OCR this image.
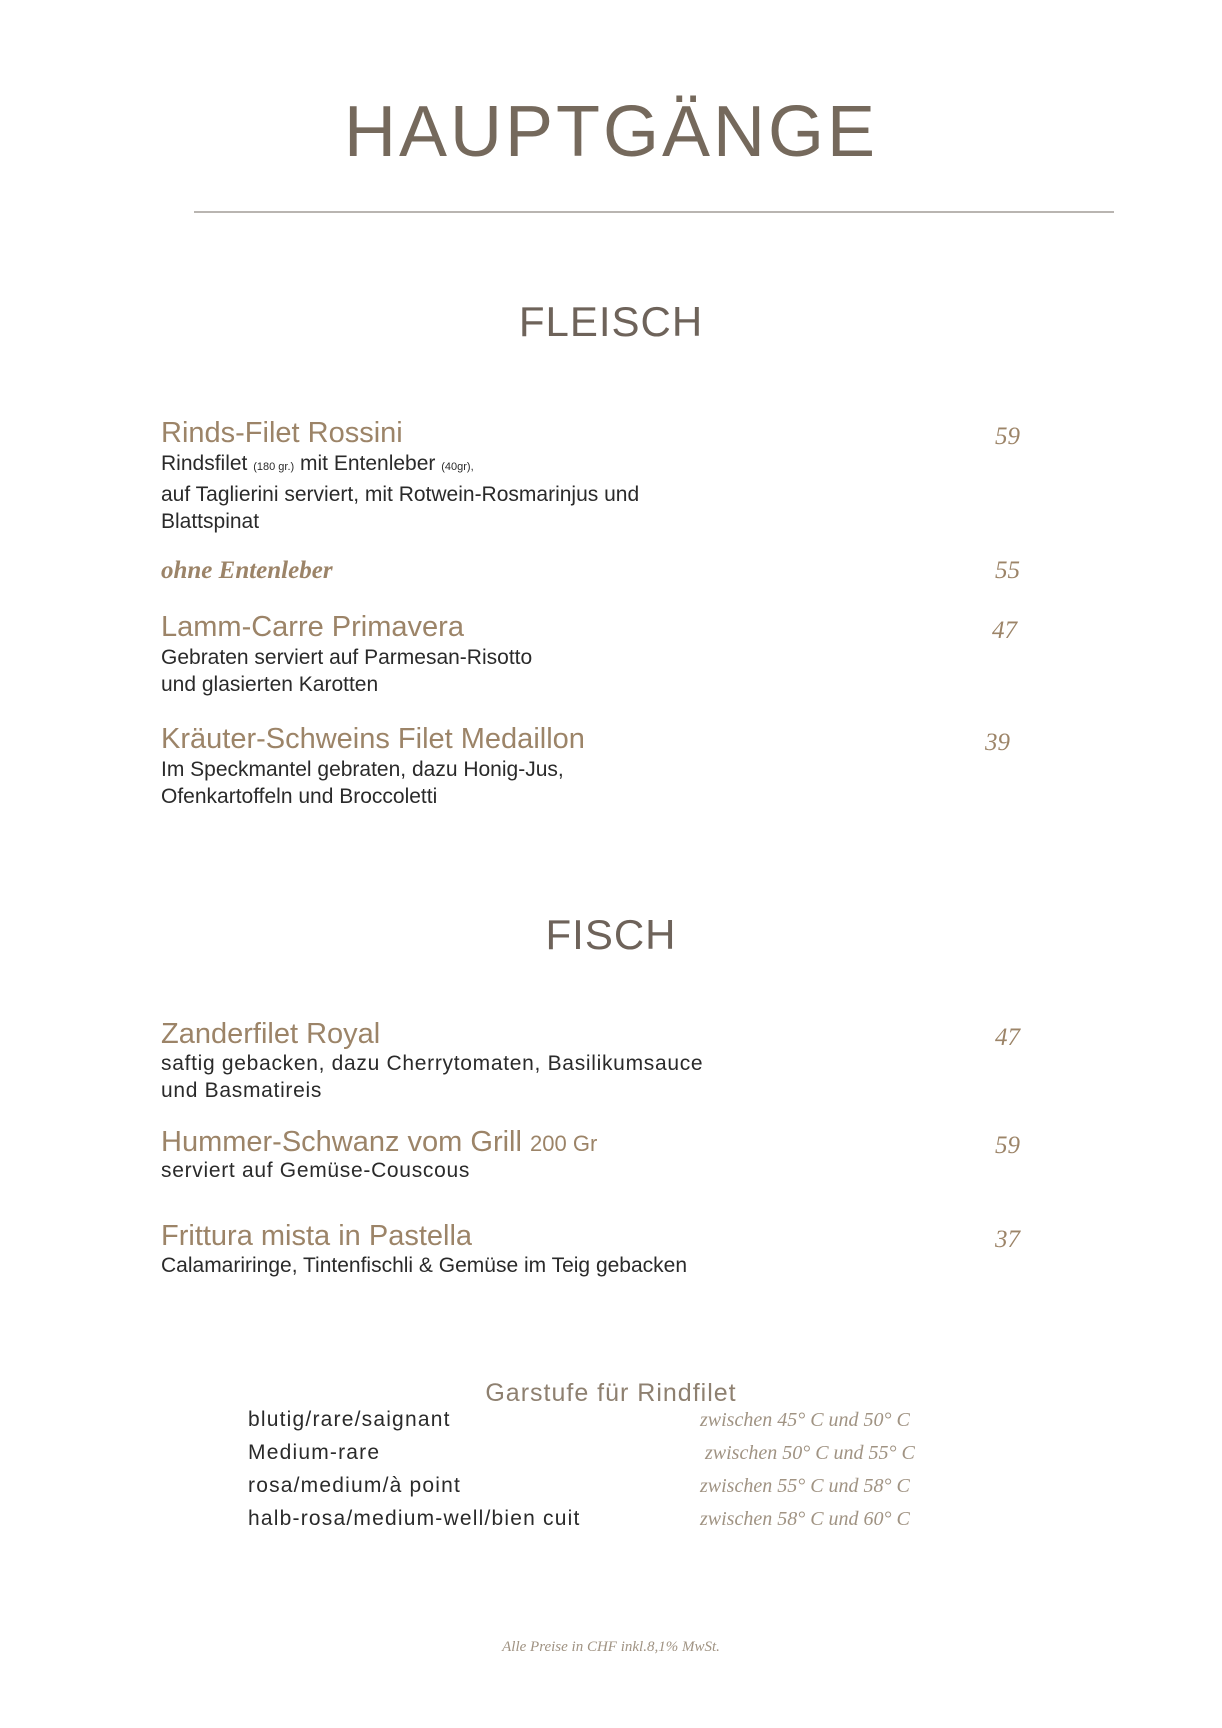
HAUPTGÄNGE
FLEISCH
Rinds-Filet Rossini	59
Rindsfilet (180 gr.) mit Entenleber (40gr),
auf Taglierini serviert, mit Rotwein-Rosmarinjus und
Blattspinat
ohne Entenleber	55
Lamm-Carre Primavera	47
Gebraten serviert auf Parmesan-Risotto
und glasierten Karotten
Kräuter-Schweins Filet Medaillon	39
Im Speckmantel gebraten, dazu Honig-Jus,
Ofenkartoffeln und Broccoletti
FISCH
Zanderfilet Royal	47
saftig gebacken, dazu Cherrytomaten, Basilikumsauce
und Basmatireis
Hummer-Schwanz vom Grill 200 Gr	59
serviert auf Gemüse-Couscous
Frittura mista in Pastella	37
Calamariringe, Tintenfischli & Gemüse im Teig gebacken
Garstufe für Rindfilet
blutig/rare/saignant	zwischen 45° C und 50° C
Medium-rare	zwischen 50° C und 55° C
rosa/medium/à point	zwischen 55° C und 58° C
halb-rosa/medium-well/bien cuit	zwischen 58° C und 60° C
Alle Preise in CHF inkl.8,1% MwSt.
